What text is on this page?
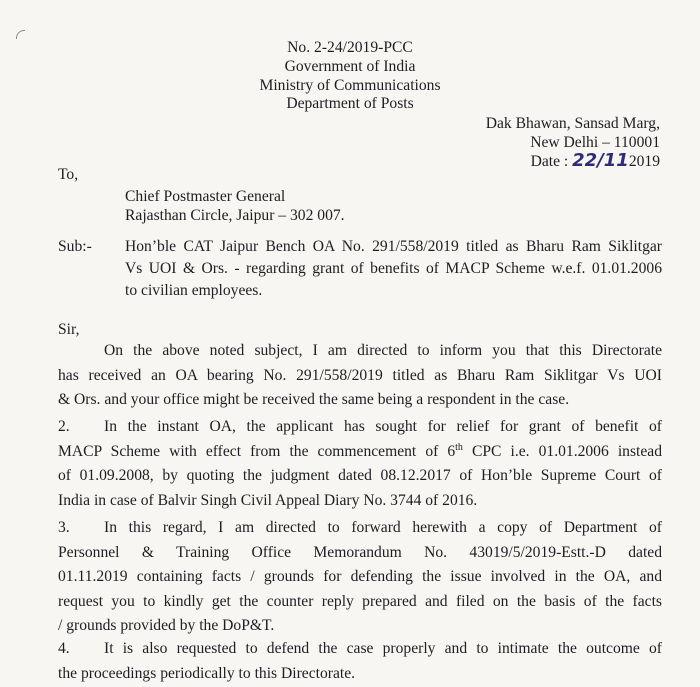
No. 2-24/2019-PCC
Government of India
Ministry of Communications
Department of Posts
Dak Bhawan, Sansad Marg,
New Delhi – 110001
Date : 22/112019
To,
Chief Postmaster General
Rajasthan Circle, Jaipur – 302 007.
Sub:- Hon’ble CAT Jaipur Bench OA No. 291/558/2019 titled as Bharu Ram Siklitgar
Vs UOI & Ors. - regarding grant of benefits of MACP Scheme w.e.f. 01.01.2006
to civilian employees.
Sir,
On the above noted subject, I am directed to inform you that this Directorate
has received an OA bearing No. 291/558/2019 titled as Bharu Ram Siklitgar Vs UOI
& Ors. and your office might be received the same being a respondent in the case.
2. In the instant OA, the applicant has sought for relief for grant of benefit of
MACP Scheme with effect from the commencement of 6th CPC i.e. 01.01.2006 instead
of 01.09.2008, by quoting the judgment dated 08.12.2017 of Hon’ble Supreme Court of
India in case of Balvir Singh Civil Appeal Diary No. 3744 of 2016.
3. In this regard, I am directed to forward herewith a copy of Department of
Personnel & Training Office Memorandum No. 43019/5/2019-Estt.-D dated
01.11.2019 containing facts / grounds for defending the issue involved in the OA, and
request you to kindly get the counter reply prepared and filed on the basis of the facts
/ grounds provided by the DoP&T.
4. It is also requested to defend the case properly and to intimate the outcome of
the proceedings periodically to this Directorate.
